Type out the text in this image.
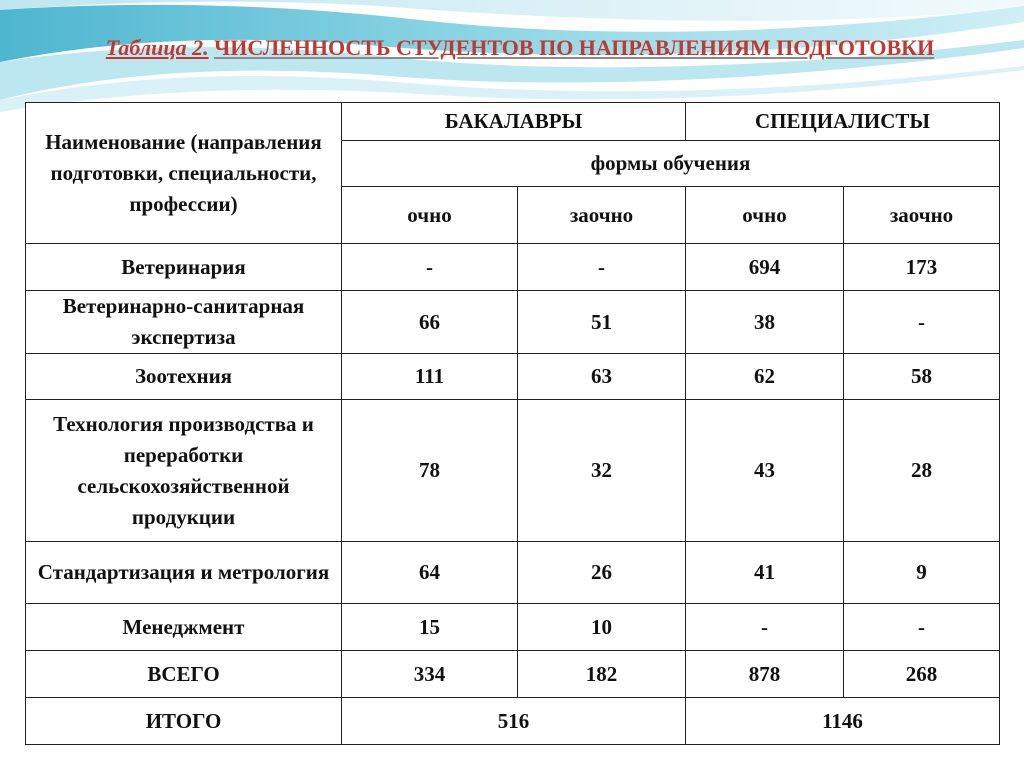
Таблица 2. ЧИСЛЕННОСТЬ СТУДЕНТОВ ПО НАПРАВЛЕНИЯМ ПОДГОТОВКИ
Наименование (направления подготовки, специальности, профессии)	БАКАЛАВРЫ		СПЕЦИАЛИСТЫ	
	формы обучения			
	очно	заочно	очно	заочно
Ветеринария	-	-	694	173
Ветеринарно-санитарная экспертиза	66	51	38	-
Зоотехния	111	63	62	58
Технология производства и переработки сельскохозяйственной продукции	78	32	43	28
Стандартизация и метрология	64	26	41	9
Менеджмент	15	10	-	-
ВСЕГО	334	182	878	268
ИТОГО	516		1146	
